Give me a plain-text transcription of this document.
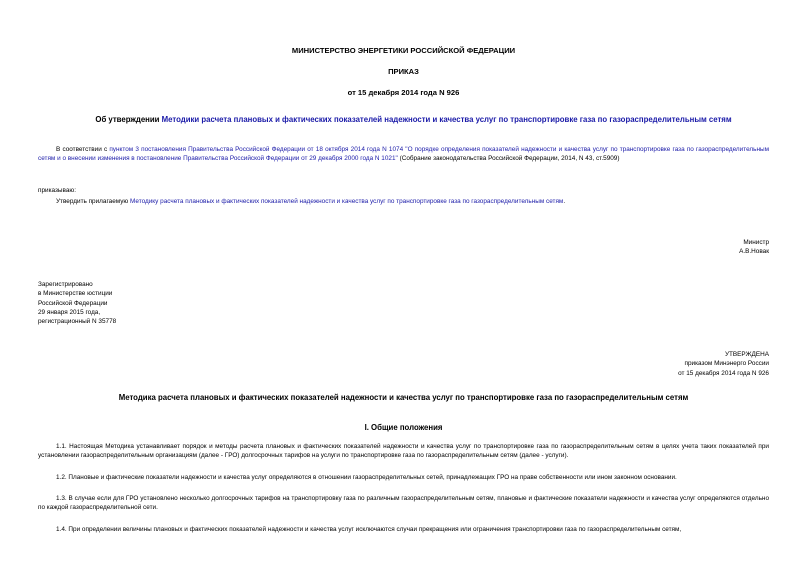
МИНИСТЕРСТВО ЭНЕРГЕТИКИ РОССИЙСКОЙ ФЕДЕРАЦИИ
ПРИКАЗ
от 15 декабря 2014 года N 926
Об утверждении Методики расчета плановых и фактических показателей надежности и качества услуг по транспортировке газа по газораспределительным сетям
В соответствии с пунктом 3 постановления Правительства Российской Федерации от 18 октября 2014 года N 1074 "О порядке определения показателей надежности и качества услуг по транспортировке газа по газораспределительным сетям и о внесении изменения в постановление Правительства Российской Федерации от 29 декабря 2000 года N 1021" (Собрание законодательства Российской Федерации, 2014, N 43, ст.5909)
приказываю:
Утвердить прилагаемую Методику расчета плановых и фактических показателей надежности и качества услуг по транспортировке газа по газораспределительным сетям.
Министр
А.В.Новак
Зарегистрировано
в Министерстве юстиции
Российской Федерации
29 января 2015 года,
регистрационный N 35778
УТВЕРЖДЕНА
приказом Минэнерго России
от 15 декабря 2014 года N 926
Методика расчета плановых и фактических показателей надежности и качества услуг по транспортировке газа по газораспределительным сетям
I. Общие положения
1.1. Настоящая Методика устанавливает порядок и методы расчета плановых и фактических показателей надежности и качества услуг по транспортировке газа по газораспределительным сетям в целях учета таких показателей при установлении газораспределительным организациям (далее - ГРО) долгосрочных тарифов на услуги по транспортировке газа по газораспределительным сетям (далее - услуги).
1.2. Плановые и фактические показатели надежности и качества услуг определяются в отношении газораспределительных сетей, принадлежащих ГРО на праве собственности или ином законном основании.
1.3. В случае если для ГРО установлено несколько долгосрочных тарифов на транспортировку газа по различным газораспределительным сетям, плановые и фактические показатели надежности и качества услуг определяются отдельно по каждой газораспределительной сети.
1.4. При определении величины плановых и фактических показателей надежности и качества услуг исключаются случаи прекращения или ограничения транспортировки газа по газораспределительным сетям,
